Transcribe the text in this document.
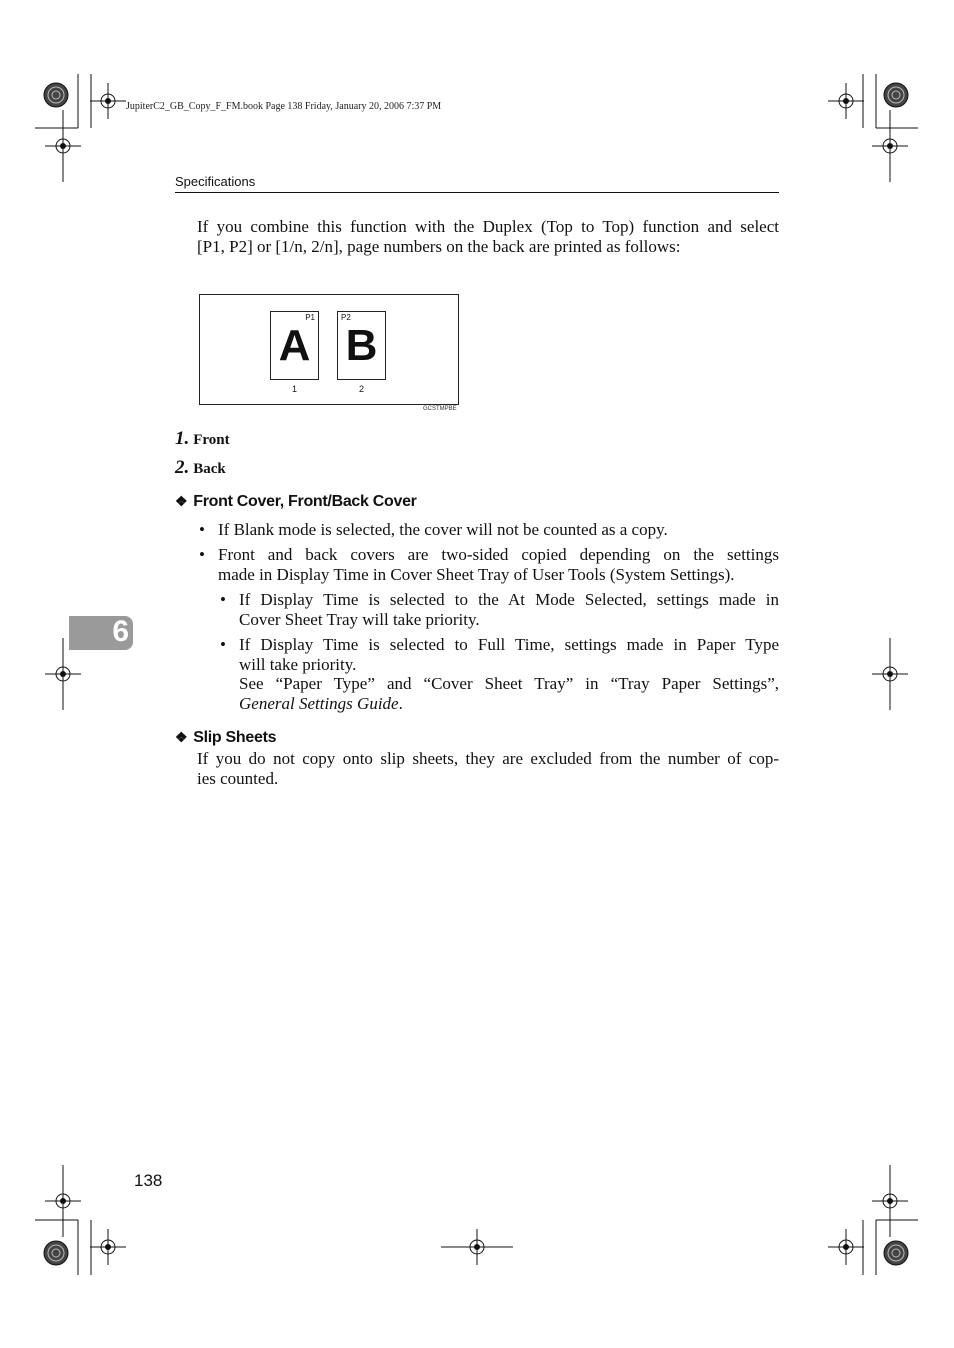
JupiterC2_GB_Copy_F_FM.book Page 138 Friday, January 20, 2006 7:37 PM
Specifications
If you combine this function with the Duplex (Top to Top) function and select
[P1, P2] or [1/n, 2/n], page numbers on the back are printed as follows:
P1
A
P2
B
1	2
GCSTMPBE
1. Front
2. Back
❖ Front Cover, Front/Back Cover
• If Blank mode is selected, the cover will not be counted as a copy.
• Front and back covers are two-sided copied depending on the settings
made in Display Time in Cover Sheet Tray of User Tools (System Settings).
• If Display Time is selected to the At Mode Selected, settings made in
Cover Sheet Tray will take priority.
• If Display Time is selected to Full Time, settings made in Paper Type
will take priority.
See “Paper Type” and “Cover Sheet Tray” in “Tray Paper Settings”,
General Settings Guide.
❖ Slip Sheets
If you do not copy onto slip sheets, they are excluded from the number of cop-
ies counted.
6
138
